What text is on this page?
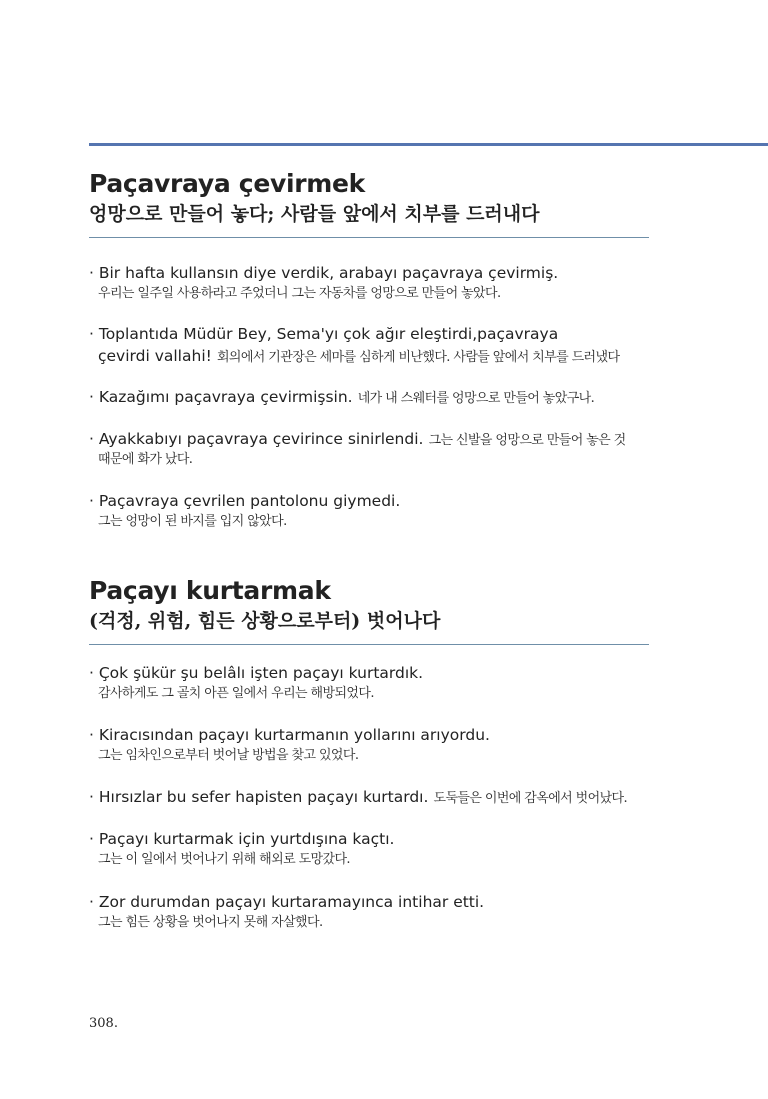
Paçavraya çevirmek
엉망으로 만들어 놓다; 사람들 앞에서 치부를 드러내다
· Bir hafta kullansın diye verdik, arabayı paçavraya çevirmiş.
우리는 일주일 사용하라고 주었더니 그는 자동차를 엉망으로 만들어 놓았다.
· Toplantıda Müdür Bey, Sema'yı çok ağır eleştirdi,paçavraya
çevirdi vallahi! 회의에서 기관장은 세마를 심하게 비난했다. 사람들 앞에서 치부를 드러냈다
· Kazağımı paçavraya çevirmişsin. 네가 내 스웨터를 엉망으로 만들어 놓았구나.
· Ayakkabıyı paçavraya çevirince sinirlendi. 그는 신발을 엉망으로 만들어 놓은 것
때문에 화가 났다.
· Paçavraya çevrilen pantolonu giymedi.
그는 엉망이 된 바지를 입지 않았다.
Paçayı kurtarmak
(걱정, 위험, 힘든 상황으로부터) 벗어나다
· Çok şükür şu belâlı işten paçayı kurtardık.
감사하게도 그 골치 아픈 일에서 우리는 해방되었다.
· Kiracısından paçayı kurtarmanın yollarını arıyordu.
그는 임차인으로부터 벗어날 방법을 찾고 있었다.
· Hırsızlar bu sefer hapisten paçayı kurtardı. 도둑들은 이번에 감옥에서 벗어났다.
· Paçayı kurtarmak için yurtdışına kaçtı.
그는 이 일에서 벗어나기 위해 해외로 도망갔다.
· Zor durumdan paçayı kurtaramayınca intihar etti.
그는 힘든 상황을 벗어나지 못해 자살했다.
308.
